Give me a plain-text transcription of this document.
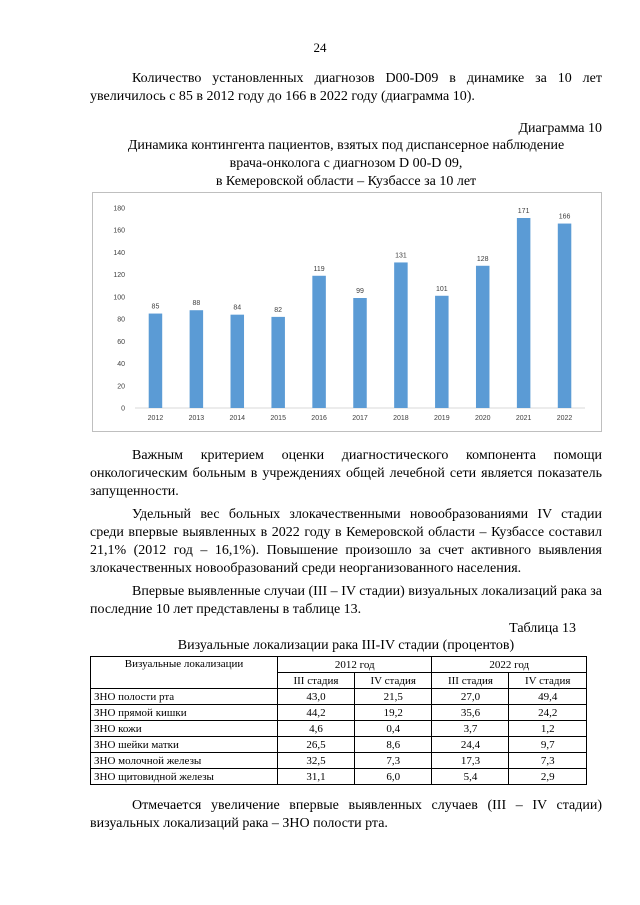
24

Количество установленных диагнозов D00-D09 в динамике за 10 лет увеличилось с 85 в 2012 году до 166 в 2022 году (диаграмма 10).

Диаграмма 10
Динамика контингента пациентов, взятых под диспансерное наблюдение
врача-онколога с диагнозом D 00-D 09,
в Кемеровской области – Кузбассе за 10 лет
0
20
40
60
80
100
120
140
160
180
85
2012
88
2013
84
2014
82
2015
119
2016
99
2017
131
2018
101
2019
128
2020
171
2021
166
2022

Важным критерием оценки диагностического компонента помощи онкологическим больным в учреждениях общей лечебной сети является показатель запущенности.

Удельный вес больных злокачественными новообразованиями IV стадии среди впервые выявленных в 2022 году в Кемеровской области – Кузбассе составил 21,1% (2012 год – 16,1%). Повышение произошло за счет активного выявления злокачественных новообразований среди неорганизованного населения.

Впервые выявленные случаи (III – IV стадии) визуальных локализаций рака за последние 10 лет представлены в таблице 13.

Таблица 13
Визуальные локализации рака III-IV стадии (процентов)
Визуальные локализации	2012 год		2022 год	
	III стадия	IV стадия	III стадия	IV стадия
ЗНО полости рта	43,0	21,5	27,0	49,4
ЗНО прямой кишки	44,2	19,2	35,6	24,2
ЗНО кожи	4,6	0,4	3,7	1,2
ЗНО шейки матки	26,5	8,6	24,4	9,7
ЗНО молочной железы	32,5	7,3	17,3	7,3
ЗНО щитовидной железы	31,1	6,0	5,4	2,9

Отмечается увеличение впервые выявленных случаев (III – IV стадии) визуальных локализаций рака – ЗНО полости рта.
